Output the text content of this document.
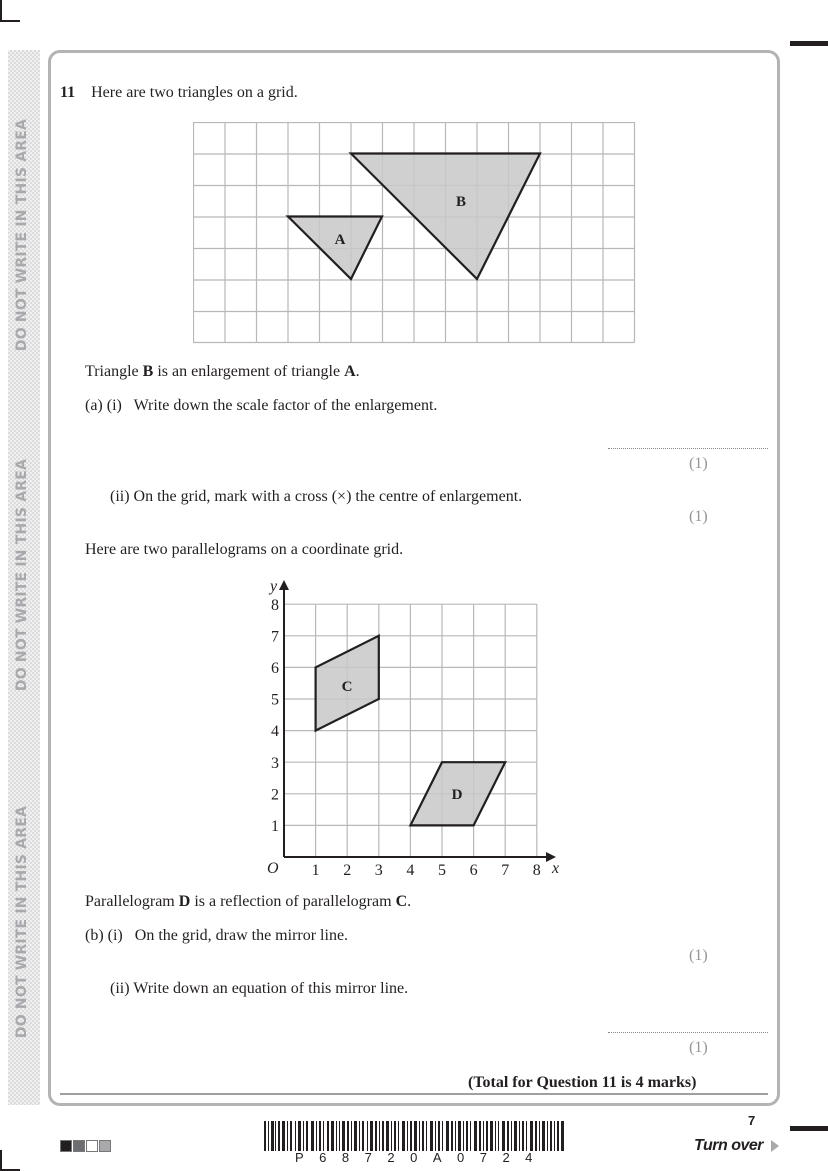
DO NOT WRITE IN THIS AREA
DO NOT WRITE IN THIS AREA
DO NOT WRITE IN THIS AREA
11 Here are two triangles on a grid.
A
B
Triangle B is an enlargement of triangle A.
(a) (i) Write down the scale factor of the enlargement.
(1)
(ii) On the grid, mark with a cross (×) the centre of enlargement.
(1)
Here are two parallelograms on a coordinate grid.
C
D
y
x
O 1 2 3 4 5 6 7 8
1
2
3
4
5
6
7
8
Parallelogram D is a reflection of parallelogram C.
(b) (i) On the grid, draw the mirror line.
(1)
(ii) Write down an equation of this mirror line.
(1)
(Total for Question 11 is 4 marks)
P68720A0724
7
Turn over
